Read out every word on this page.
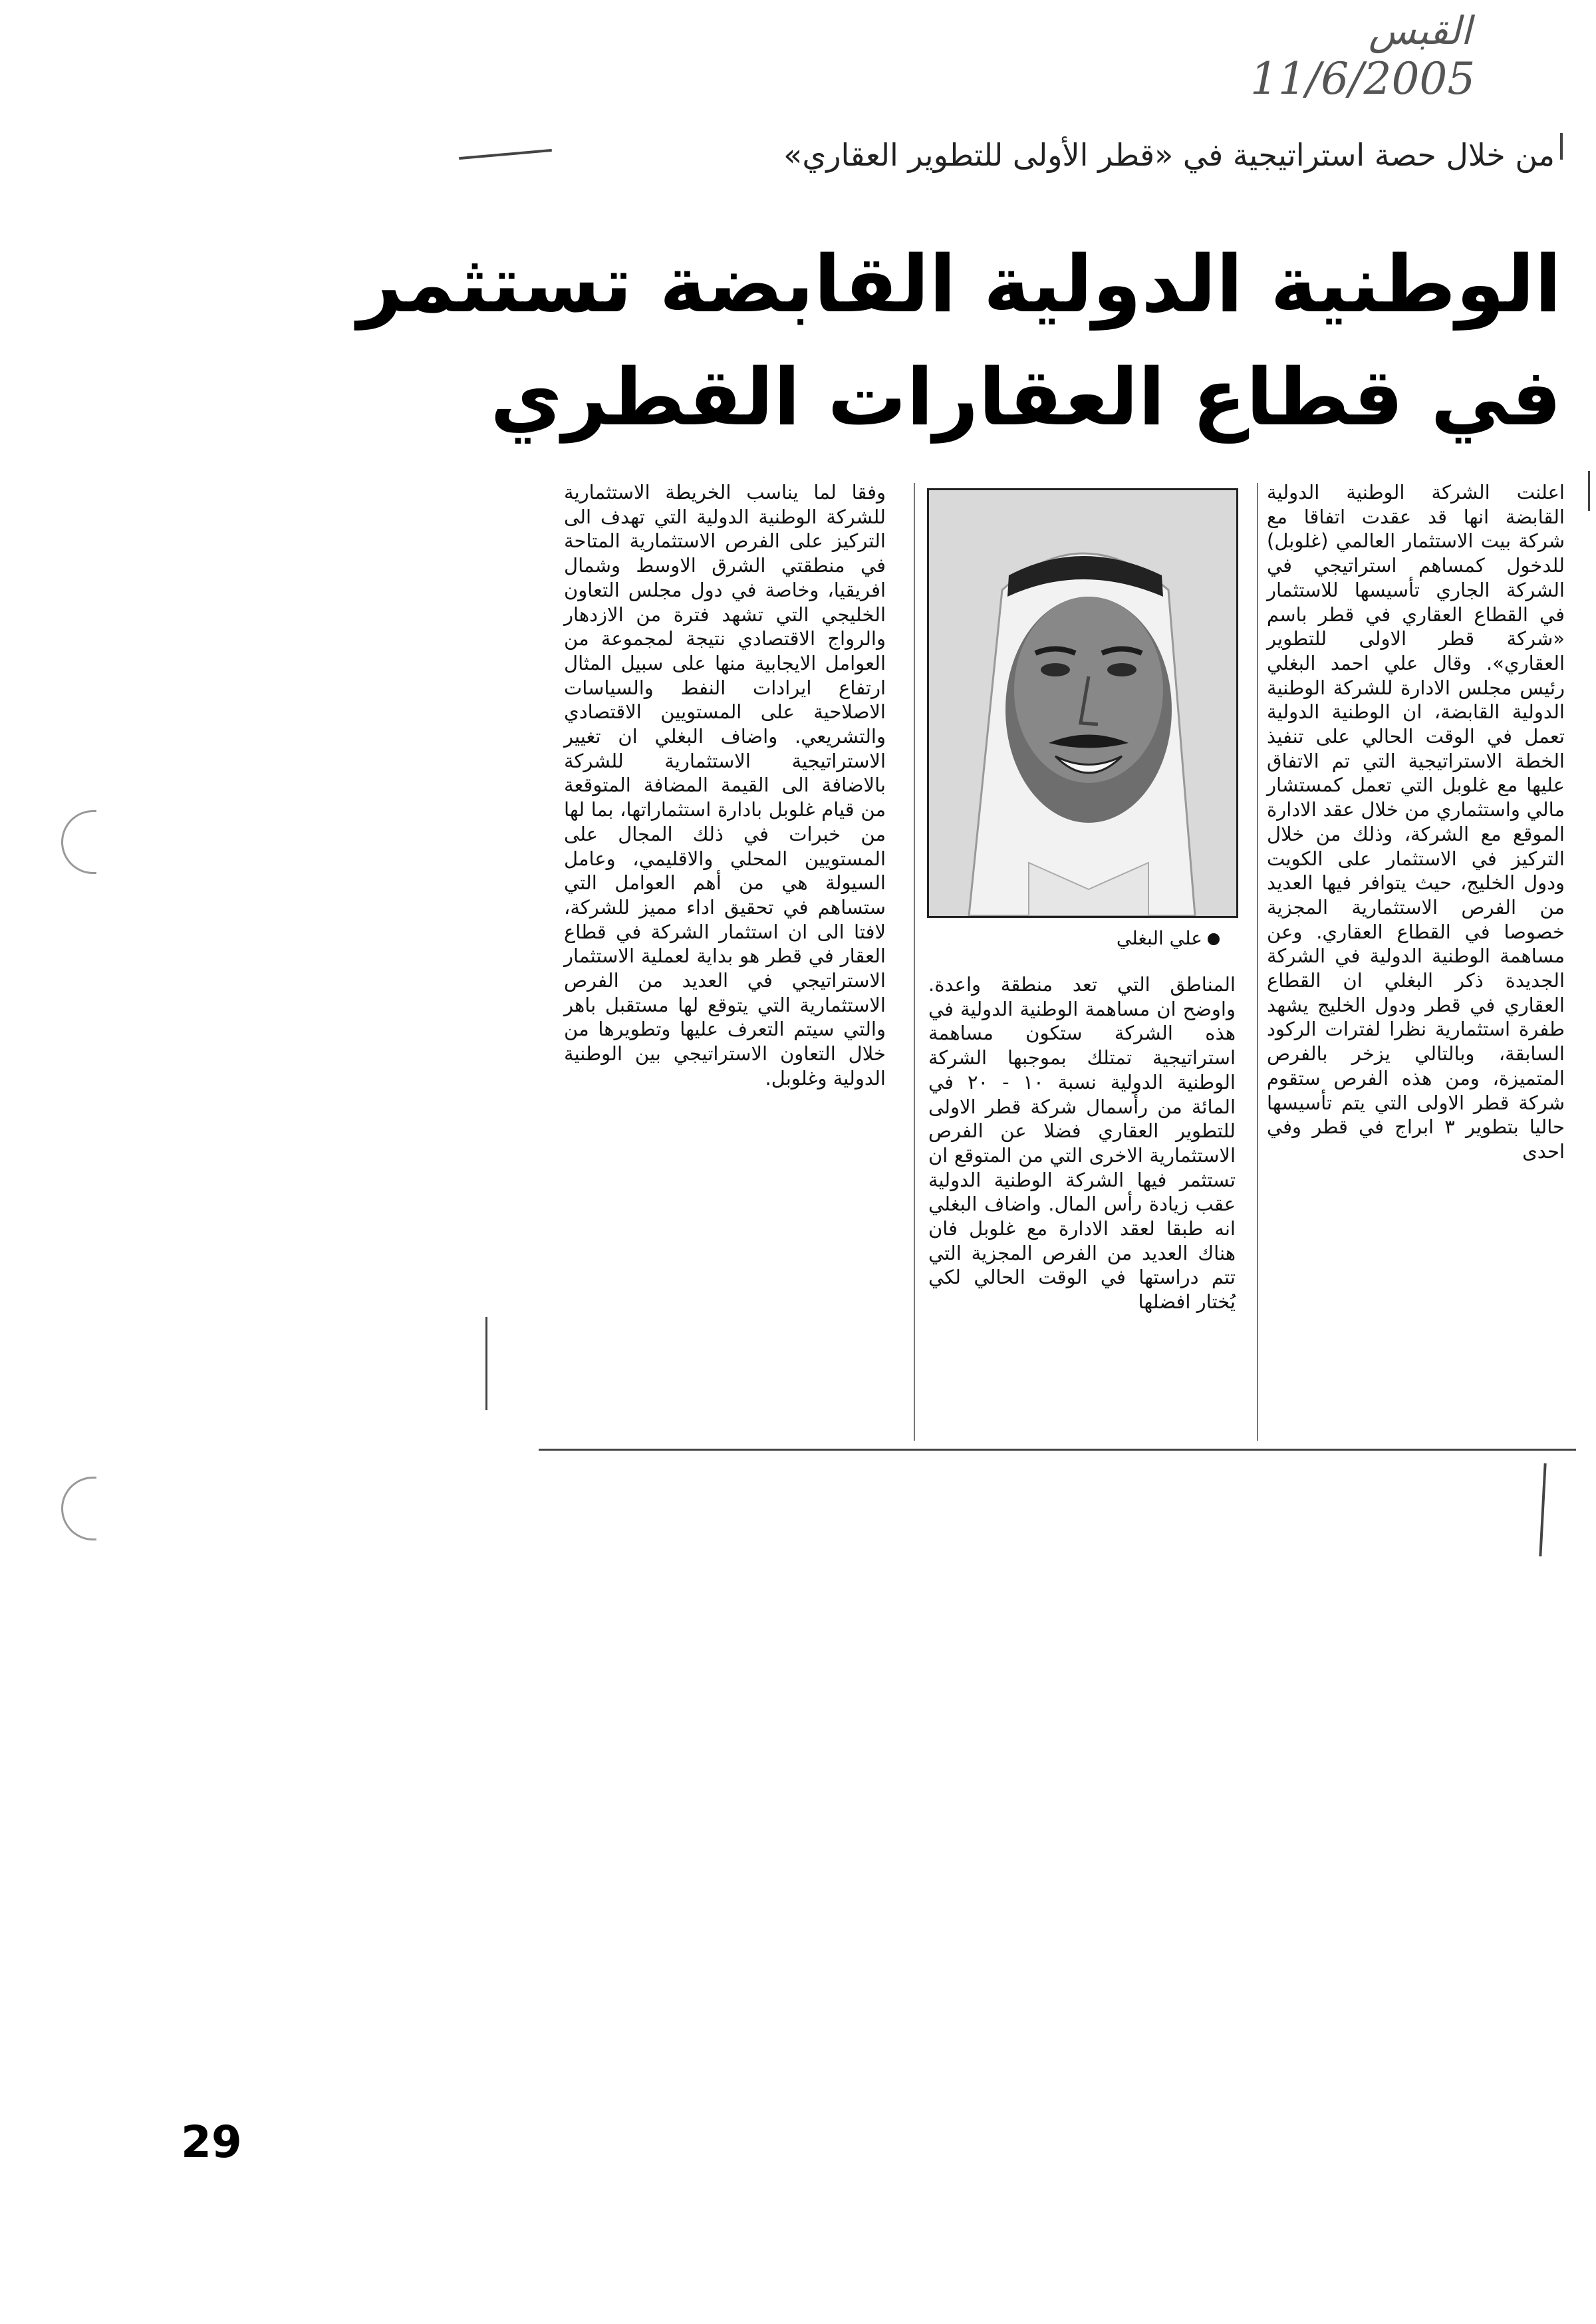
القبس
11/6/2005
من خلال حصة استراتيجية في «قطر الأولى للتطوير العقاري»
الوطنية الدولية القابضة تستثمر
في قطاع العقارات القطري

اعلنت الشركة الوطنية الدولية القابضة انها قد عقدت اتفاقا مع شركة بيت الاستثمار العالمي (غلوبل) للدخول كمساهم استراتيجي في الشركة الجاري تأسيسها للاستثمار في القطاع العقاري في قطر باسم «شركة قطر الاولى للتطوير العقاري». وقال علي احمد البغلي رئيس مجلس الادارة للشركة الوطنية الدولية القابضة، ان الوطنية الدولية تعمل في الوقت الحالي على تنفيذ الخطة الاستراتيجية التي تم الاتفاق عليها مع غلوبل التي تعمل كمستشار مالي واستثماري من خلال عقد الادارة الموقع مع الشركة، وذلك من خلال التركيز في الاستثمار على الكويت ودول الخليج، حيث يتوافر فيها العديد من الفرص الاستثمارية المجزية خصوصا في القطاع العقاري. وعن مساهمة الوطنية الدولية في الشركة الجديدة ذكر البغلي ان القطاع العقاري في قطر ودول الخليج يشهد طفرة استثمارية نظرا لفترات الركود السابقة، وبالتالي يزخر بالفرص المتميزة، ومن هذه الفرص ستقوم شركة قطر الاولى التي يتم تأسيسها حاليا بتطوير ٣ ابراج في قطر وفي احدى

علي البغلي

المناطق التي تعد منطقة واعدة. واوضح ان مساهمة الوطنية الدولية في هذه الشركة ستكون مساهمة استراتيجية تمتلك بموجبها الشركة الوطنية الدولية نسبة ١٠ - ٢٠ في المائة من رأسمال شركة قطر الاولى للتطوير العقاري فضلا عن الفرص الاستثمارية الاخرى التي من المتوقع ان تستثمر فيها الشركة الوطنية الدولية عقب زيادة رأس المال. واضاف البغلي انه طبقا لعقد الادارة مع غلوبل فان هناك العديد من الفرص المجزية التي تتم دراستها في الوقت الحالي لكي يُختار افضلها

وفقا لما يناسب الخريطة الاستثمارية للشركة الوطنية الدولية التي تهدف الى التركيز على الفرص الاستثمارية المتاحة في منطقتي الشرق الاوسط وشمال افريقيا، وخاصة في دول مجلس التعاون الخليجي التي تشهد فترة من الازدهار والرواج الاقتصادي نتيجة لمجموعة من العوامل الايجابية منها على سبيل المثال ارتفاع ايرادات النفط والسياسات الاصلاحية على المستويين الاقتصادي والتشريعي. واضاف البغلي ان تغيير الاستراتيجية الاستثمارية للشركة بالاضافة الى القيمة المضافة المتوقعة من قيام غلوبل بادارة استثماراتها، بما لها من خبرات في ذلك المجال على المستويين المحلي والاقليمي، وعامل السيولة هي من أهم العوامل التي ستساهم في تحقيق اداء مميز للشركة، لافتا الى ان استثمار الشركة في قطاع العقار في قطر هو بداية لعملية الاستثمار الاستراتيجي في العديد من الفرص الاستثمارية التي يتوقع لها مستقبل باهر والتي سيتم التعرف عليها وتطويرها من خلال التعاون الاستراتيجي بين الوطنية الدولية وغلوبل.

29
